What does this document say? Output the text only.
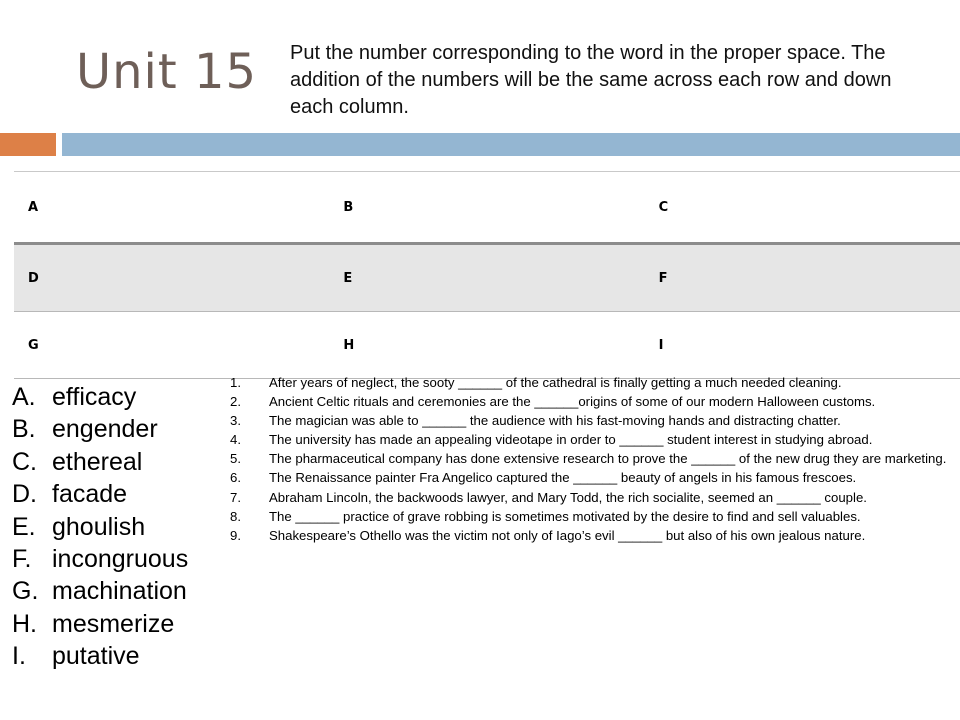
Unit 15 Put the number corresponding to the word in the proper space. The addition of the numbers will be the same across each row and down each column.
A	B	C
D	E	F
G	H	I
A. efficacy
B. engender
C. ethereal
D. facade
E. ghoulish
F. incongruous
G. machination
H. mesmerize
I.	putative
1.	After years of neglect, the sooty ______ of the cathedral is finally getting a much needed cleaning.
2.	Ancient Celtic rituals and ceremonies are the ______origins of some of our modern Halloween customs.
3.	The magician was able to ______ the audience with his fast-moving hands and distracting chatter.
4.	The university has made an appealing videotape in order to ______ student interest in studying abroad.
5.	The pharmaceutical company has done extensive research to prove the ______ of the new drug they are marketing.
6.	The Renaissance painter Fra Angelico captured the ______ beauty of angels in his famous frescoes.
7.	Abraham Lincoln, the backwoods lawyer, and Mary Todd, the rich socialite, seemed an ______ couple.
8.	The ______ practice of grave robbing is sometimes motivated by the desire to find and sell valuables.
9.	Shakespeare’s Othello was the victim not only of Iago’s evil ______ but also of his own jealous nature.
